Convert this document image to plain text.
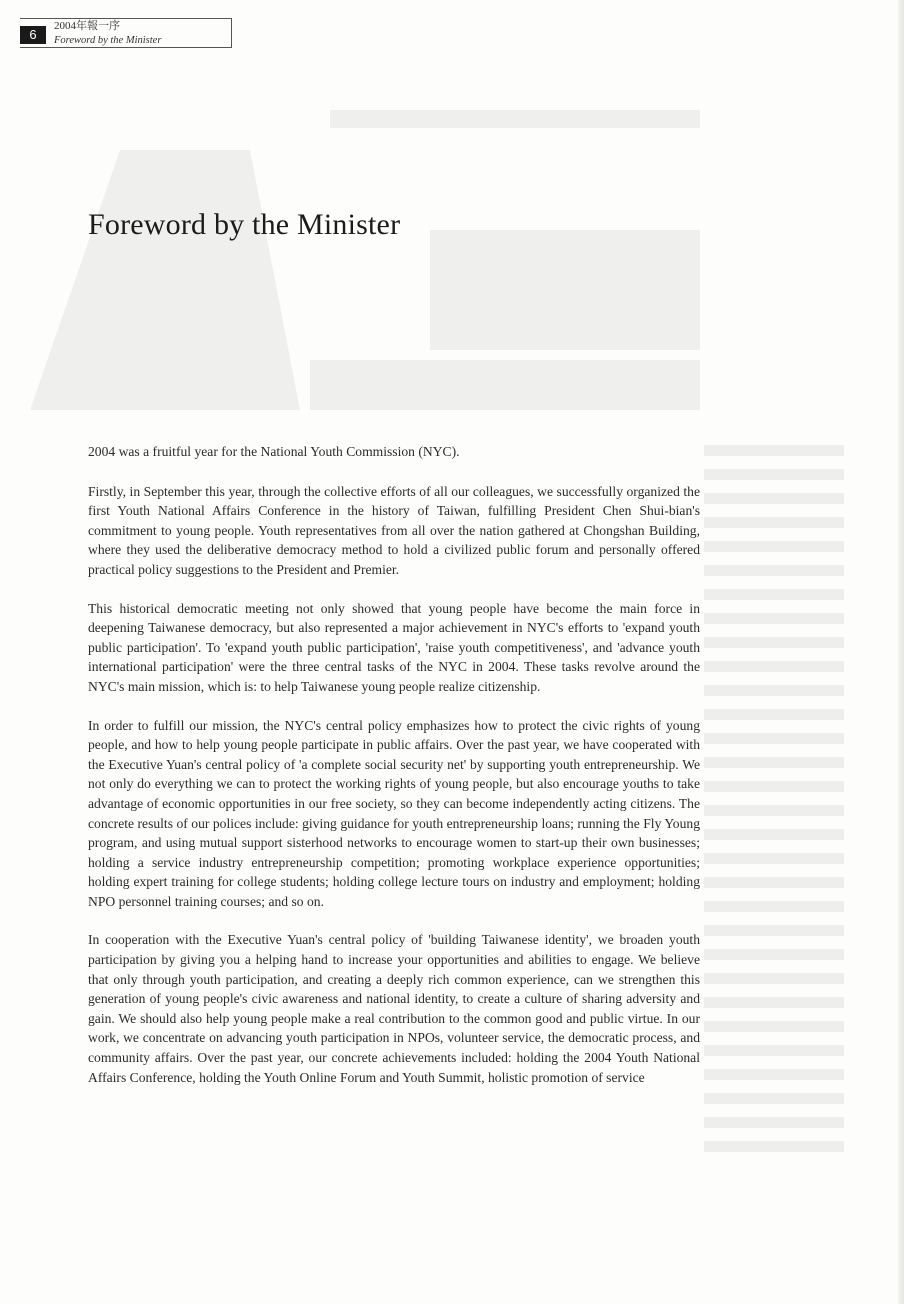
6
2004年報一序
Foreword by the Minister
Foreword by the Minister

2004 was a fruitful year for the National Youth Commission (NYC).

Firstly, in September this year, through the collective efforts of all our colleagues, we successfully organized the first Youth National Affairs Conference in the history of Taiwan, fulfilling President Chen Shui-bian's commitment to young people. Youth representatives from all over the nation gathered at Chongshan Building, where they used the deliberative democracy method to hold a civilized public forum and personally offered practical policy suggestions to the President and Premier.

This historical democratic meeting not only showed that young people have become the main force in deepening Taiwanese democracy, but also represented a major achievement in NYC's efforts to 'expand youth public participation'. To 'expand youth public participation', 'raise youth competitiveness', and 'advance youth international participation' were the three central tasks of the NYC in 2004. These tasks revolve around the NYC's main mission, which is: to help Taiwanese young people realize citizenship.

In order to fulfill our mission, the NYC's central policy emphasizes how to protect the civic rights of young people, and how to help young people participate in public affairs. Over the past year, we have cooperated with the Executive Yuan's central policy of 'a complete social security net' by supporting youth entrepreneurship. We not only do everything we can to protect the working rights of young people, but also encourage youths to take advantage of economic opportunities in our free society, so they can become independently acting citizens. The concrete results of our polices include: giving guidance for youth entrepreneurship loans; running the Fly Young program, and using mutual support sisterhood networks to encourage women to start-up their own businesses; holding a service industry entrepreneurship competition; promoting workplace experience opportunities; holding expert training for college students; holding college lecture tours on industry and employment; holding NPO personnel training courses; and so on.

In cooperation with the Executive Yuan's central policy of 'building Taiwanese identity', we broaden youth participation by giving you a helping hand to increase your opportunities and abilities to engage. We believe that only through youth participation, and creating a deeply rich common experience, can we strengthen this generation of young people's civic awareness and national identity, to create a culture of sharing adversity and gain. We should also help young people make a real contribution to the common good and public virtue. In our work, we concentrate on advancing youth participation in NPOs, volunteer service, the democratic process, and community affairs. Over the past year, our concrete achievements included: holding the 2004 Youth National Affairs Conference, holding the Youth Online Forum and Youth Summit, holistic promotion of service
